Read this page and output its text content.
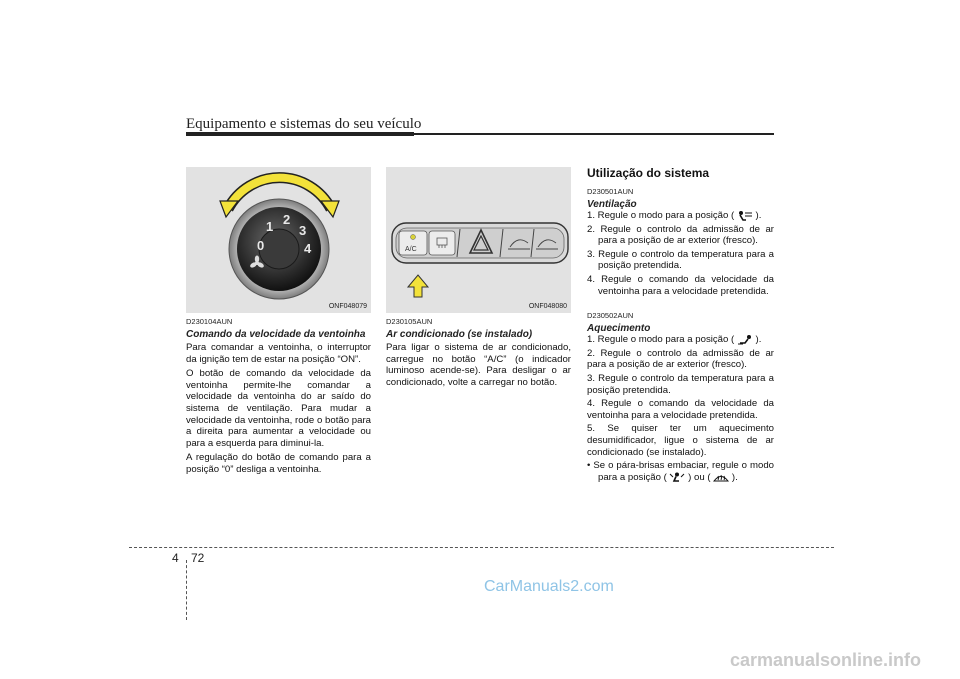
Equipamento e sistemas do seu veículo
0
1 2
3
4
ONF048079
D230104AUN
Comando da velocidade da ventoinha

Para comandar a ventoinha, o interruptor da ignição tem de estar na posição “ON”.

O botão de comando da velocidade da ventoinha permite-lhe comandar a velocidade da ventoinha do ar saído do sistema de ventilação. Para mudar a velocidade da ventoinha, rode o botão para a direita para aumentar a velocidade ou para a esquerda para diminui-la.

A regulação do botão de comando para a posição “0” desliga a ventoinha.

A/C
ONF048080
D230105AUN
Ar condicionado (se instalado)

Para ligar o sistema de ar condicionado, carregue no botão “A/C” (o indicador luminoso acende-se). Para desligar o ar condicionado, volte a carregar no botão.

Utilização do sistema
D230501AUN
Ventilação
1. Regule o modo para a posição ( ).
2. Regule o controlo da admissão de ar para a posição de ar exterior (fresco).
3. Regule o controlo da temperatura para a posição pretendida.
4. Regule o comando da velocidade da ventoinha para a velocidade pretendida.
D230502AUN
Aquecimento
1. Regule o modo para a posição ( ).
2. Regule o controlo da admissão de ar para a posição de ar exterior (fresco).
3. Regule o controlo da temperatura para a posição pretendida.
4. Regule o comando da velocidade da ventoinha para a velocidade pretendida.
5. Se quiser ter um aquecimento desumidificador, ligue o sistema de ar condicionado (se instalado).
• Se o pára-brisas embaciar, regule o modo para a posição ( ) ou ( ).
4 72
CarManuals2.com
carmanualsonline.info
